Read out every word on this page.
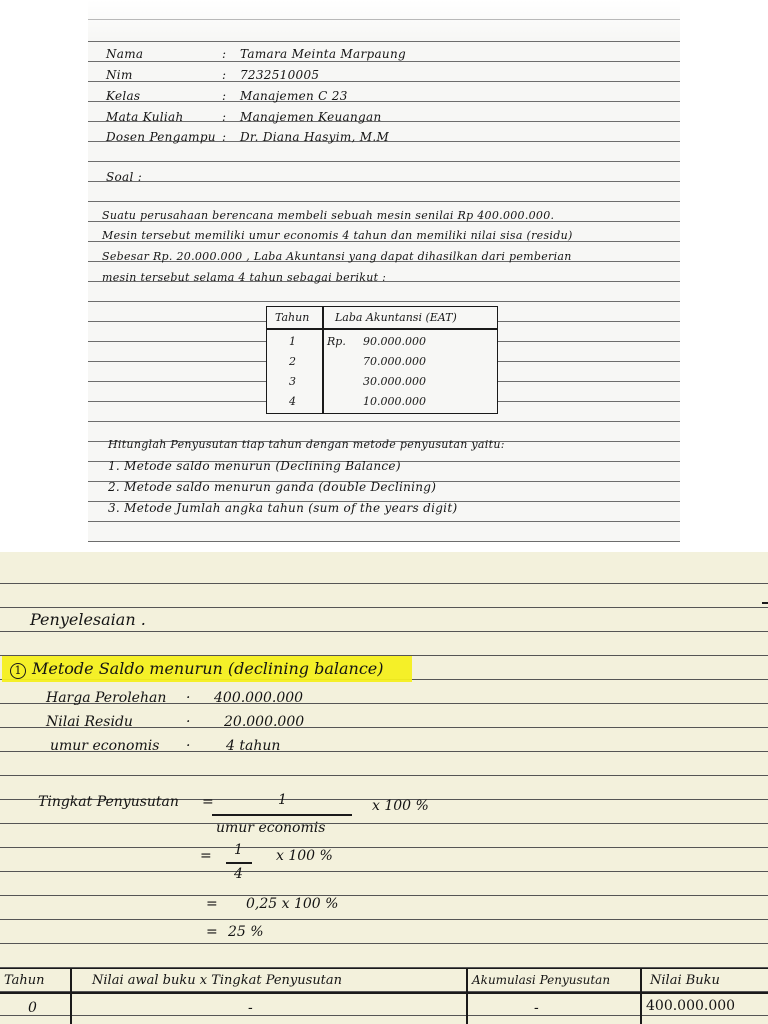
Nama	: Tamara Meinta Marpaung
Nim	: 7232510005
Kelas	: Manajemen C 23
Mata Kuliah	: Manajemen Keuangan
Dosen Pengampu : Dr. Diana Hasyim, M.M
Soal :
Suatu perusahaan berencana membeli sebuah mesin senilai Rp 400.000.000.
Mesin tersebut memiliki umur economis 4 tahun dan memiliki nilai sisa (residu)
Sebesar Rp. 20.000.000 , Laba Akuntansi yang dapat dihasilkan dari pemberian
mesin tersebut selama 4 tahun sebagai berikut :
Tahun Laba Akuntansi (EAT)
1	Rp. 90.000.000
2	70.000.000
3	30.000.000
4	10.000.000
Hitunglah Penyusutan tiap tahun dengan metode penyusutan yaitu:
1. Metode saldo menurun (Declining Balance)
2. Metode saldo menurun ganda (double Declining)
3. Metode Jumlah angka tahun (sum of the years digit)
Penyelesaian .
1 Metode Saldo menurun (declining balance)
Harga Perolehan · 400.000.000
Nilai Residu	· 20.000.000
umur economis ·	4 tahun
Tingkat Penyusutan =	1
umur economis
x 100 %
= 1
4
x 100 %
= 0,25 x 100 %
= 25 %
Tahun	Nilai awal buku x Tingkat Penyusutan	Akumulasi Penyusutan	Nilai Buku
0	-	-	400.000.000
